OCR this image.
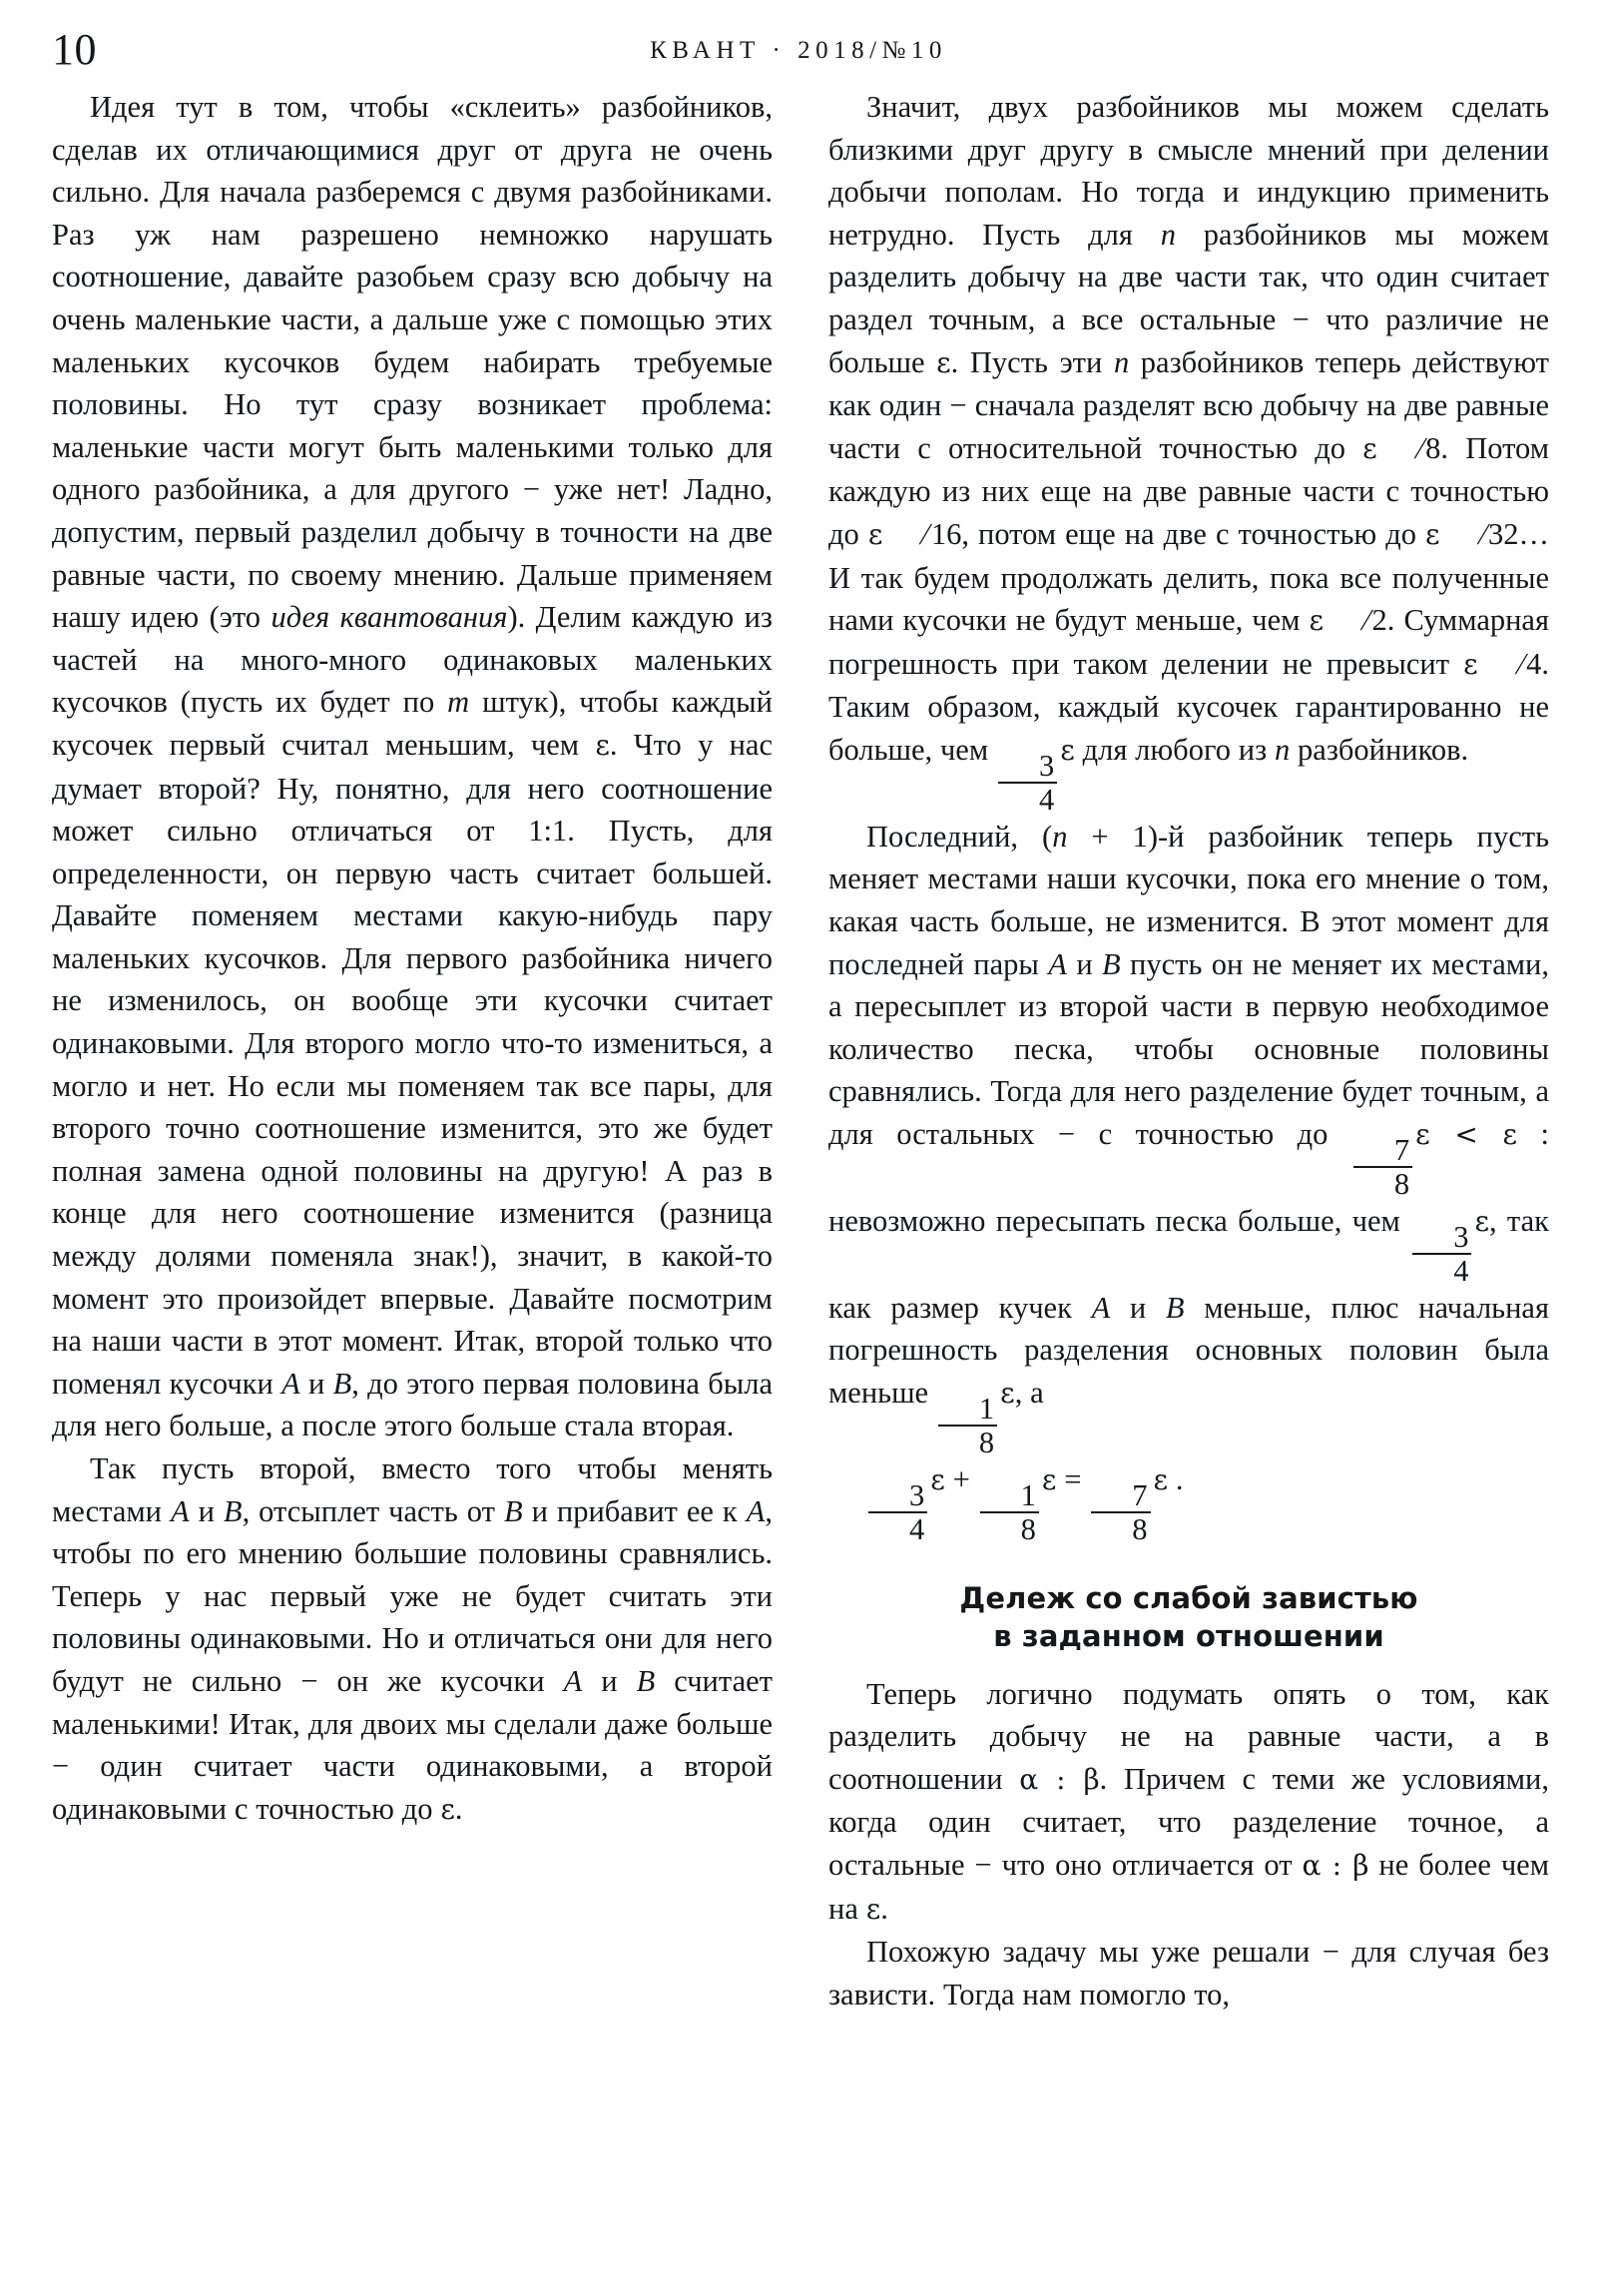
10	КВАНТ · 2018/№10

Идея тут в том, чтобы «склеить» разбойников, сделав их отличающимися друг от друга не очень сильно. Для начала разберемся с двумя разбойниками. Раз уж нам разрешено немножко нарушать соотношение, давайте разобьем сразу всю добычу на очень маленькие части, а дальше уже с помощью этих маленьких кусочков будем набирать требуемые половины. Но тут сразу возникает проблема: маленькие части могут быть маленькими только для одного разбойника, а для другого − уже нет! Ладно, допустим, первый разделил добычу в точности на две равные части, по своему мнению. Дальше применяем нашу идею (это идея квантования). Делим каждую из частей на много-много одинаковых маленьких кусочков (пусть их будет по m штук), чтобы каждый кусочек первый считал меньшим, чем ε. Что у нас думает второй? Ну, понятно, для него соотношение может сильно отличаться от 1:1. Пусть, для определенности, он первую часть считает большей. Давайте поменяем местами какую-нибудь пару маленьких кусочков. Для первого разбойника ничего не изменилось, он вообще эти кусочки считает одинаковыми. Для второго могло что-то измениться, а могло и нет. Но если мы поменяем так все пары, для второго точно соотношение изменится, это же будет полная замена одной половины на другую! А раз в конце для него соотношение изменится (разница между долями поменяла знак!), значит, в какой-то момент это произойдет впервые. Давайте посмотрим на наши части в этот момент. Итак, второй только что поменял кусочки A и B, до этого первая половина была для него больше, а после этого больше стала вторая.

Так пусть второй, вместо того чтобы менять местами A и B, отсыплет часть от B и прибавит ее к A, чтобы по его мнению большие половины сравнялись. Теперь у нас первый уже не будет считать эти половины одинаковыми. Но и отличаться они для него будут не сильно − он же кусочки A и B считает маленькими! Итак, для двоих мы сделали даже больше − один считает части одинаковыми, а второй одинаковыми с точностью до ε.

Значит, двух разбойников мы можем сделать близкими друг другу в смысле мнений при делении добычи пополам. Но тогда и индукцию применить нетрудно. Пусть для n разбойников мы можем разделить добычу на две части так, что один считает раздел точным, а все остальные − что различие не больше ε. Пусть эти n разбойников теперь действуют как один − сначала разделят всю добычу на две равные части с относительной точностью до ε /8. Потом каждую из них еще на две равные части с точностью до ε /16, потом еще на две с точностью до ε /32… И так будем продолжать делить, пока все полученные нами кусочки не будут меньше, чем ε /2. Суммарная погрешность при таком делении не превысит ε /4. Таким образом, каждый кусочек гарантированно не больше, чем
$\frac{3}{4}$
ε для любого из n разбойников.

Последний, (n + 1)-й разбойник теперь пусть меняет местами наши кусочки, пока его мнение о том, какая часть больше, не изменится. В этот момент для последней пары A и B пусть он не меняет их местами, а пересыплет из второй части в первую необходимое количество песка, чтобы основные половины сравнялись. Тогда для него разделение будет точным, а для остальных − с точностью до
$\frac{7}{8}$
ε < ε : невозможно пересыпать песка больше, чем
$\frac{3}{4}$
ε, так как размер кучек A и B меньше, плюс начальная погрешность разделения основных половин была меньше
$\frac{1}{8}$
ε, а

$\frac{3}{4}$
ε +
$\frac{1}{8}$
ε =
$\frac{7}{8}$
ε .

Дележ со слабой завистью
в заданном отношении

Теперь логично подумать опять о том, как разделить добычу не на равные части, а в соотношении α : β. Причем с теми же условиями, когда один считает, что разделение точное, а остальные − что оно отличается от α : β не более чем на ε.

Похожую задачу мы уже решали − для случая без зависти. Тогда нам помогло то,
